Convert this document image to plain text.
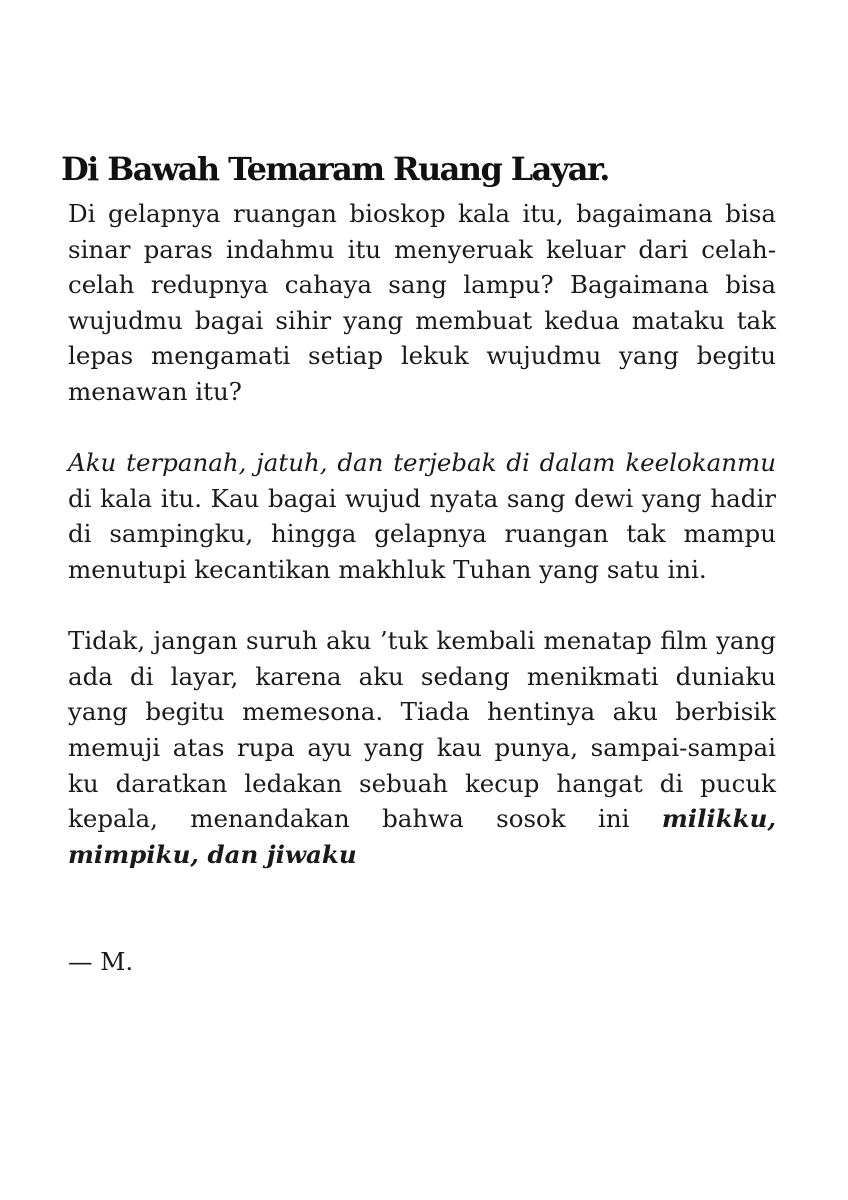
Di Bawah Temaram Ruang Layar.

Di gelapnya ruangan bioskop kala itu, bagaimana bisa sinar paras indahmu itu menyeruak keluar dari celah-celah redupnya cahaya sang lampu? Bagaimana bisa wujudmu bagai sihir yang membuat kedua mataku tak lepas mengamati setiap lekuk wujudmu yang begitu menawan itu?

Aku terpanah, jatuh, dan terjebak di dalam keelokanmu di kala itu. Kau bagai wujud nyata sang dewi yang hadir di sampingku, hingga gelapnya ruangan tak mampu menutupi kecantikan makhluk Tuhan yang satu ini.

Tidak, jangan suruh aku ’tuk kembali menatap film yang ada di layar, karena aku sedang menikmati duniaku yang begitu memesona. Tiada hentinya aku berbisik memuji atas rupa ayu yang kau punya, sampai-sampai ku daratkan ledakan sebuah kecup hangat di pucuk kepala, menandakan bahwa sosok ini milikku, mimpiku, dan jiwaku

— M.
